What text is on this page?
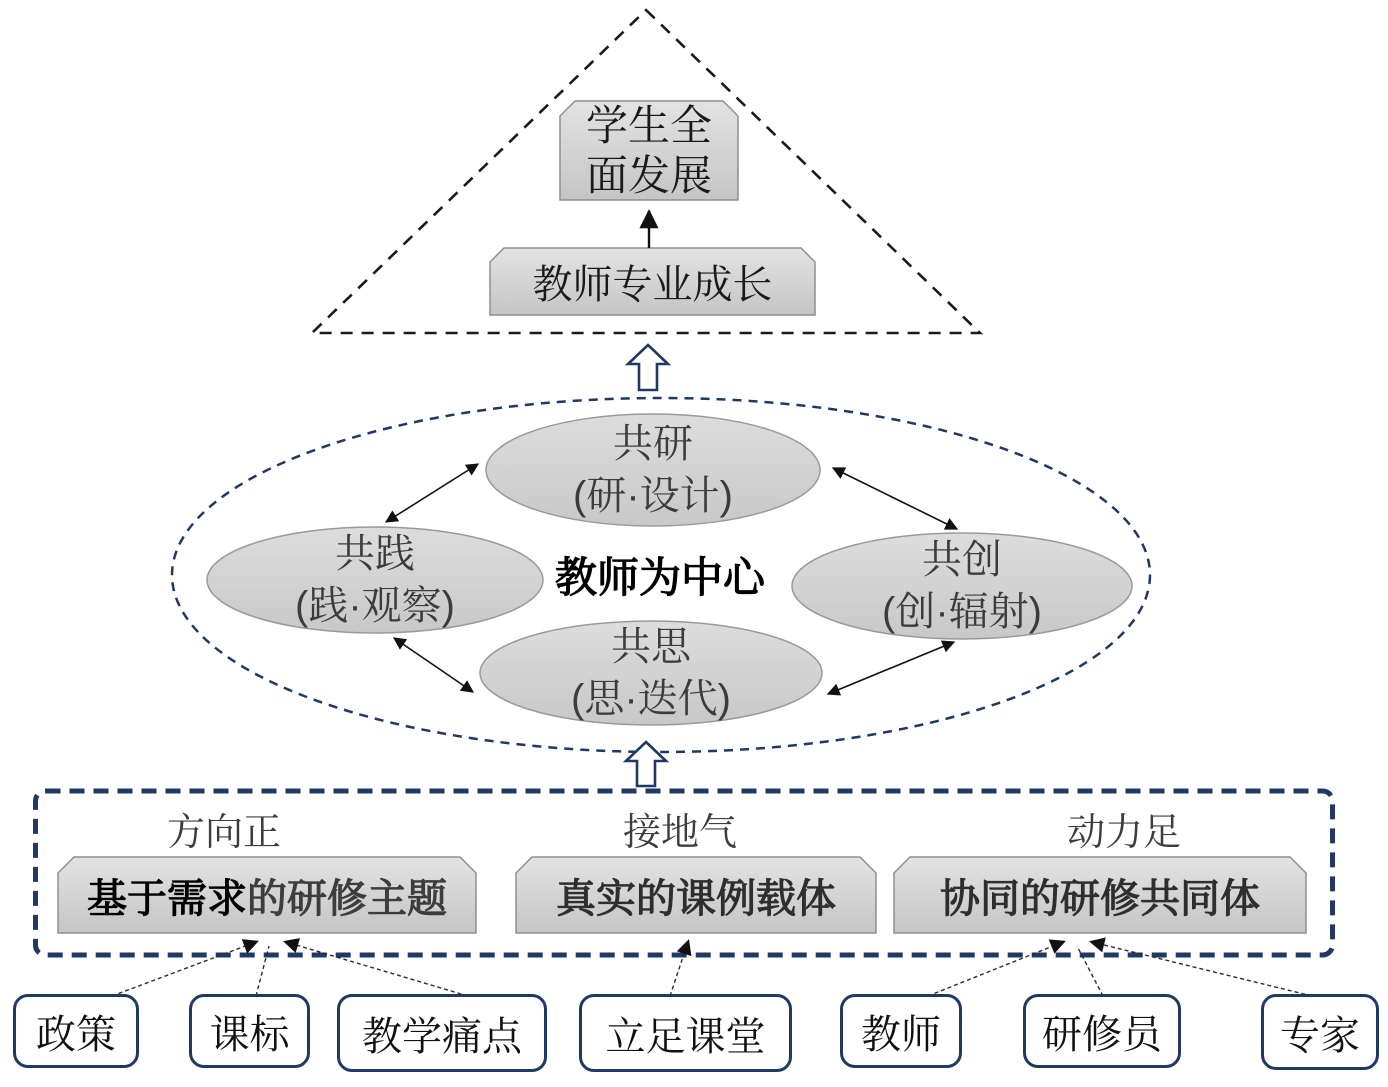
学生全
面发展
教师专业成长
共研
(研·设计)
共践
(践·观察)
共创
(创·辐射)
共思
(思·迭代)
教师为中心
方向正	接地气	动力足
基于需求 的研修主题	真实的课例载体	协同的研修共同体
政策 课标 教学痛点 立足课堂 教师	研修员	专家
